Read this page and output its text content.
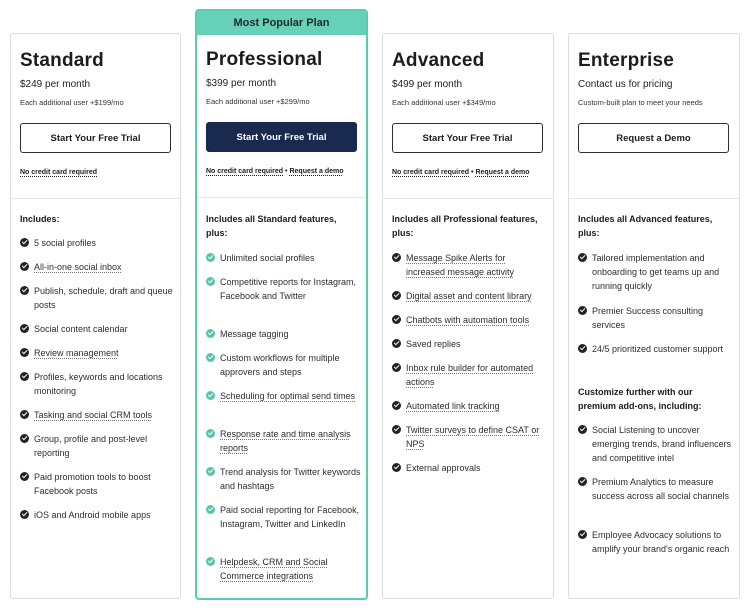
Standard
$249 per month
Each additional user +$199/mo
Start Your Free Trial
No credit card required
Includes:
5 social profiles
All-in-one social inbox
Publish, schedule, draft and queue posts
Social content calendar
Review management
Profiles, keywords and locations monitoring
Tasking and social CRM tools
Group, profile and post-level reporting
Paid promotion tools to boost Facebook posts
iOS and Android mobile apps
Most Popular Plan
Professional
$399 per month
Each additional user +$299/mo
Start Your Free Trial
No credit card required • Request a demo
Includes all Standard features, plus:
Unlimited social profiles
Competitive reports for Instagram, Facebook and Twitter
Message tagging
Custom workflows for multiple approvers and steps
Scheduling for optimal send times
Response rate and time analysis reports
Trend analysis for Twitter keywords and hashtags
Paid social reporting for Facebook, Instagram, Twitter and LinkedIn
Helpdesk, CRM and Social Commerce integrations
Advanced
$499 per month
Each additional user +$349/mo
Start Your Free Trial
No credit card required • Request a demo
Includes all Professional features, plus:
Message Spike Alerts for increased message activity
Digital asset and content library
Chatbots with automation tools
Saved replies
Inbox rule builder for automated actions
Automated link tracking
Twitter surveys to define CSAT or NPS
External approvals
Enterprise
Contact us for pricing
Custom-built plan to meet your needs
Request a Demo
Includes all Advanced features, plus:
Tailored implementation and onboarding to get teams up and running quickly
Premier Success consulting services
24/5 prioritized customer support
Customize further with our premium add-ons, including:
Social Listening to uncover emerging trends, brand influencers and competitive intel
Premium Analytics to measure success across all social channels
Employee Advocacy solutions to amplify your brand's organic reach
